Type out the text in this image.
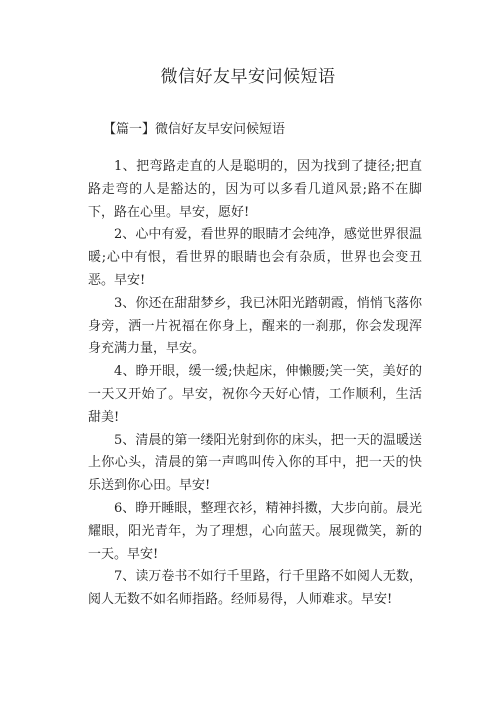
微信好友早安问候短语
【篇一】微信好友早安问候短语

1、把弯路走直的人是聪明的，因为找到了捷径;把直路走弯的人是豁达的，因为可以多看几道风景;路不在脚下，路在心里。早安，愿好!

2、心中有爱，看世界的眼睛才会纯净，感觉世界很温暖;心中有恨，看世界的眼睛也会有杂质，世界也会变丑恶。早安!

3、你还在甜甜梦乡，我已沐阳光踏朝霞，悄悄飞落你身旁，洒一片祝福在你身上，醒来的一刹那，你会发现浑身充满力量，早安。

4、睁开眼，缓一缓;快起床，伸懒腰;笑一笑，美好的一天又开始了。早安，祝你今天好心情，工作顺利，生活甜美!

5、清晨的第一缕阳光射到你的床头，把一天的温暖送上你心头，清晨的第一声鸣叫传入你的耳中，把一天的快乐送到你心田。早安!

6、睁开睡眼，整理衣衫，精神抖擞，大步向前。晨光耀眼，阳光青年，为了理想，心向蓝天。展现微笑，新的一天。早安!

7、读万卷书不如行千里路，行千里路不如阅人无数，阅人无数不如名师指路。经师易得，人师难求。早安!
